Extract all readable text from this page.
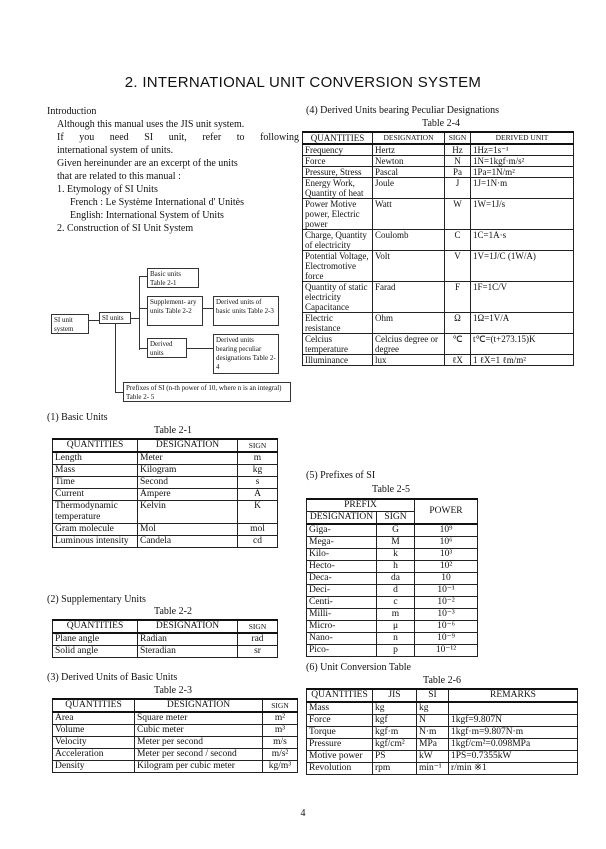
2. INTERNATIONAL UNIT CONVERSION SYSTEM

Introduction

Although this manual uses the JIS unit system.

If you need SI unit, refer to following

international system of units.

Given hereinunder are an excerpt of the units

that are related to this manual :

1. Etymology of SI Units

French : Le Système International d' Unitès

English: International System of Units

2. Construction of SI Unit System

SI unit system
SI units
Basic units Table 2-1
Supplement- ary units Table 2-2
Derived units
Derived units of basic units Table 2-3
Derived units bearing peculiar designations Table 2-4
Prefixes of SI (n-th power of 10, where n is an integral) Table 2- 5
(1) Basic Units
Table 2-1
QUANTITIES	DESIGNATION	SIGN
Length	Meter	m
Mass	Kilogram	kg
Time	Second	s
Current	Ampere	A
Thermodynamic temperature	Kelvin	K
Gram molecule	Mol	mol
Luminous intensity	Candela	cd
(2) Supplementary Units
Table 2-2
QUANTITIES	DESIGNATION	SIGN
Plane angle	Radian	rad
Solid angle	Steradian	sr
(3) Derived Units of Basic Units
Table 2-3
QUANTITIES	DESIGNATION	SIGN
Area	Square meter	m²
Volume	Cubic meter	m³
Velocity	Meter per second	m/s
Acceleration	Meter per second / second	m/s²
Density	Kilogram per cubic meter	kg/m³
(4) Derived Units bearing Peculiar Designations
Table 2-4
QUANTITIES	DESIGNATION	SIGN	DERIVED UNIT
Frequency	Hertz	Hz	1Hz=1s⁻¹
Force	Newton	N	1N=1kgf·m/s²
Pressure, Stress	Pascal	Pa	1Pa=1N/m²
Energy Work, Quantity of heat	Joule	J	1J=1N·m
Power Motive power, Electric power	Watt	W	1W=1J/s
Charge, Quantity of electricity	Coulomb	C	1C=1A·s
Potential Voltage, Electromotive force	Volt	V	1V=1J/C (1W/A)
Quantity of static electricity Capacitance	Farad	F	1F=1C/V
Electric resistance	Ohm	Ω	1Ω=1V/A
Celcius temperature	Celcius degree or degree	℃	t℃=(t+273.15)K
Illuminance	lux	ℓX	1 ℓX=1 ℓm/m²
(5) Prefixes of SI
Table 2-5
PREFIX		POWER
DESIGNATION	SIGN	
Giga-	G	10⁹
Mega-	M	10⁶
Kilo-	k	10³
Hecto-	h	10²
Deca-	da	10
Deci-	d	10⁻¹
Centi-	c	10⁻²
Milli-	m	10⁻³
Micro-	μ	10⁻⁶
Nano-	n	10⁻⁹
Pico-	p	10⁻¹²
(6) Unit Conversion Table
Table 2-6
QUANTITIES	JIS	SI	REMARKS
Mass	kg	kg	
Force	kgf	N	1kgf=9.807N
Torque	kgf·m	N·m	1kgf·m=9.807N·m
Pressure	kgf/cm²	MPa	1kgf/cm²=0.098MPa
Motive power	PS	kW	1PS=0.7355kW
Revolution	rpm	min⁻¹	r/min ※1
4
